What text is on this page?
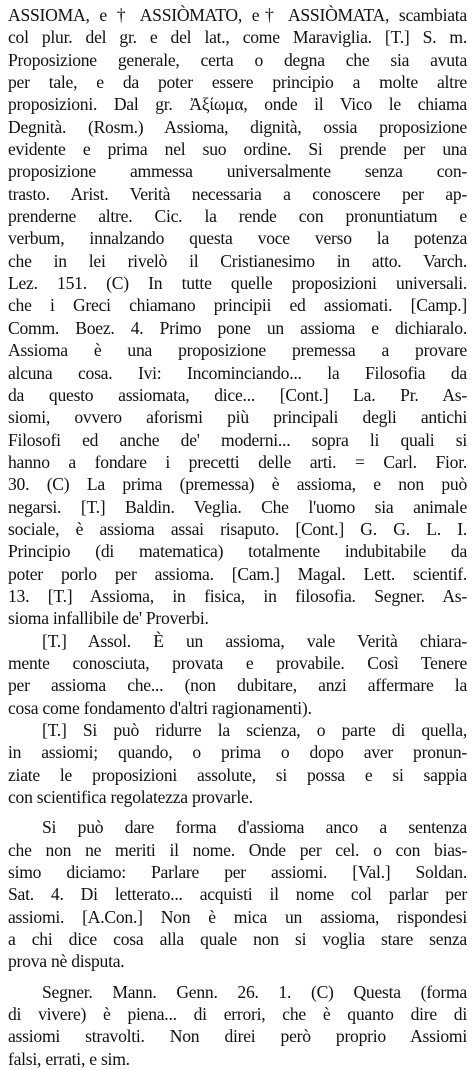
ASSIOMA, e † ASSIÒMATO, e† ASSIÒMATA, scambiata
col plur. del gr. e del lat., come Maraviglia. [T.] S. m.
Proposizione generale, certa o degna che sia avuta
per tale, e da poter essere principio a molte altre
proposizioni. Dal gr. Ἀξίωμα, onde il Vico le chiama
Degnità. (Rosm.) Assioma, dignità, ossia proposizione
evidente e prima nel suo ordine. Si prende per una
proposizione ammessa universalmente senza con-
trasto. Arist. Verità necessaria a conoscere per ap-
prenderne altre. Cic. la rende con pronuntiatum e
verbum, innalzando questa voce verso la potenza
che in lei rivelò il Cristianesimo in atto. Varch.
Lez. 151. (C) In tutte quelle proposizioni universali.
che i Greci chiamano principii ed assiomati. [Camp.]
Comm. Boez. 4. Primo pone un assioma e dichiaralo.
Assioma è una proposizione premessa a provare
alcuna cosa. Ivi: Incominciando... la Filosofia da
da questo assiomata, dice... [Cont.] La. Pr. As-
siomi, ovvero aforismi più principali degli antichi
Filosofi ed anche de' moderni... sopra li quali si
hanno a fondare i precetti delle arti. = Carl. Fior.
30. (C) La prima (premessa) è assioma, e non può
negarsi. [T.] Baldin. Veglia. Che l'uomo sia animale
sociale, è assioma assai risaputo. [Cont.] G. G. L. I.
Principio (di matematica) totalmente indubitabile da
poter porlo per assioma. [Cam.] Magal. Lett. scientif.
13. [T.] Assioma, in fisica, in filosofia. Segner. As-
sioma infallibile de' Proverbi.
[T.] Assol. È un assioma, vale Verità chiara-
mente conosciuta, provata e provabile. Così Tenere
per assioma che... (non dubitare, anzi affermare la
cosa come fondamento d'altri ragionamenti).
[T.] Si può ridurre la scienza, o parte di quella,
in assiomi; quando, o prima o dopo aver pronun-
ziate le proposizioni assolute, si possa e si sappia
con scientifica regolatezza provarle.
Si può dare forma d'assioma anco a sentenza
che non ne meriti il nome. Onde per cel. o con bias-
simo diciamo: Parlare per assiomi. [Val.] Soldan.
Sat. 4. Di letterato... acquisti il nome col parlar per
assiomi. [A.Con.] Non è mica un assioma, rispondesi
a chi dice cosa alla quale non si voglia stare senza
prova nè disputa.
Segner. Mann. Genn. 26. 1. (C) Questa (forma
di vivere) è piena... di errori, che è quanto dire di
assiomi stravolti. Non direi però proprio Assiomi
falsi, errati, e sim.
